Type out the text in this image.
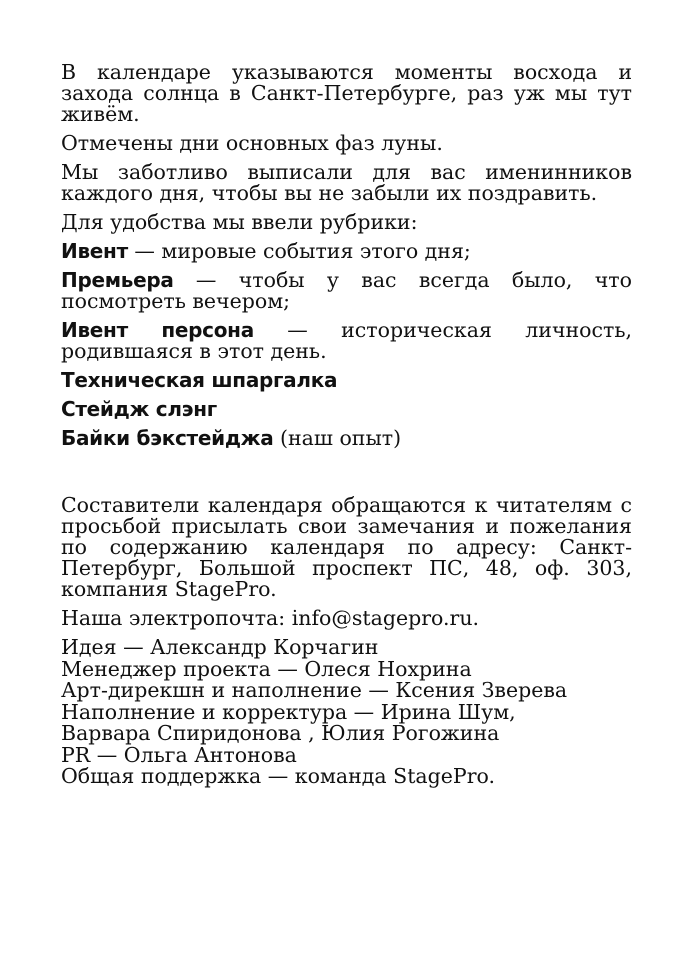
В календаре указываются моменты восхода и захода солнца в Санкт-Петербурге, раз уж мы тут живём.

Отмечены дни основных фаз луны.

Мы заботливо выписали для вас именинников каждого дня, чтобы вы не забыли их поздравить.

Для удобства мы ввели рубрики:

Ивент — мировые события этого дня;

Премьера — чтобы у вас всегда было, что посмотреть вечером;

Ивент персона — историческая личность, родившаяся в этот день.

Техническая шпаргалка

Стейдж слэнг

Байки бэкстейджа (наш опыт)

Составители календаря обращаются к читателям с просьбой присылать свои замечания и пожелания по содержанию календаря по адресу: Санкт-Петербург, Большой проспект ПС, 48, оф. 303, компания StagePro.

Наша электропочта: info@stagepro.ru.

Идея — Александр Корчагин

Менеджер проекта — Олеся Нохрина

Арт-дирекшн и наполнение — Ксения Зверева

Наполнение и корректура — Ирина Шум,

Варвара Спиридонова , Юлия Рогожина

PR — Ольга Антонова

Общая поддержка — команда StagePro.
